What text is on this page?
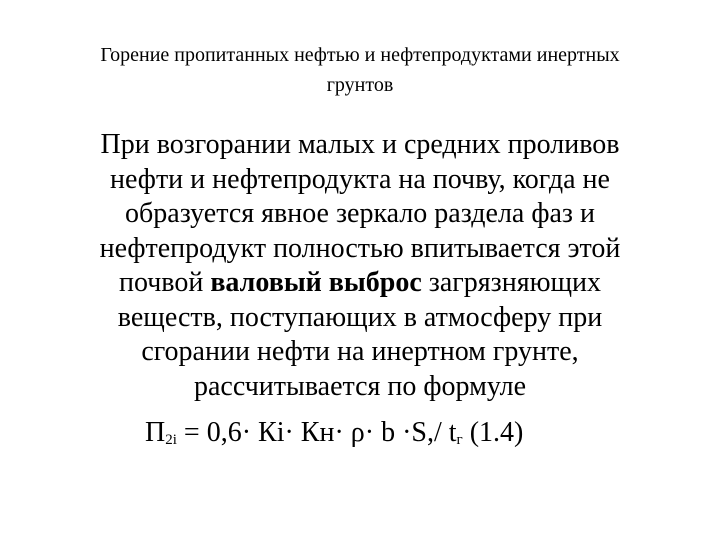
Горение пропитанных нефтью и нефтепродуктами инертных
грунтов
При возгорании малых и средних проливов
нефти и нефтепродукта на почву, когда не
образуется явное зеркало раздела фаз и
нефтепродукт полностью впитывается этой
почвой валовый выброс загрязняющих
веществ, поступающих в атмосферу при
сгорании нефти на инертном грунте,
рассчитывается по формуле
$П_{2i} = 0,6\cdot Кi\cdot Кн\cdot \rho\cdot b \cdot S,/$ $t_г$ (1.4)
